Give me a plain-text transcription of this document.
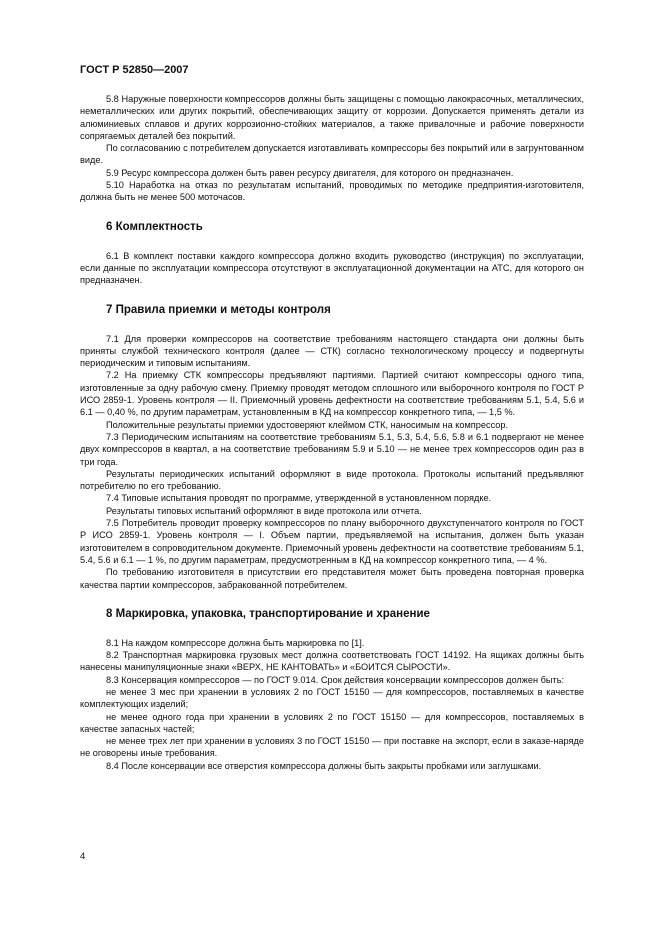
ГОСТ Р 52850—2007

5.8 Наружные поверхности компрессоров должны быть защищены с помощью лакокрасочных, металлических, неметаллических или других покрытий, обеспечивающих защиту от коррозии. Допускается применять детали из алюминиевых сплавов и других коррозионно-стойких материалов, а также привалочные и рабочие поверхности сопрягаемых деталей без покрытий.

По согласованию с потребителем допускается изготавливать компрессоры без покрытий или в загрунтованном виде.

5.9 Ресурс компрессора должен быть равен ресурсу двигателя, для которого он предназначен.

5.10 Наработка на отказ по результатам испытаний, проводимых по методике предприятия-изготовителя, должна быть не менее 500 моточасов.

6 Комплектность

6.1 В комплект поставки каждого компрессора должно входить руководство (инструкция) по эксплуатации, если данные по эксплуатации компрессора отсутствуют в эксплуатационной документации на АТС, для которого он предназначен.

7 Правила приемки и методы контроля

7.1 Для проверки компрессоров на соответствие требованиям настоящего стандарта они должны быть приняты службой технического контроля (далее — СТК) согласно технологическому процессу и подвергнуты периодическим и типовым испытаниям.

7.2 На приемку СТК компрессоры предъявляют партиями. Партией считают компрессоры одного типа, изготовленные за одну рабочую смену. Приемку проводят методом сплошного или выборочного контроля по ГОСТ Р ИСО 2859-1. Уровень контроля — II. Приемочный уровень дефектности на соответствие требованиям 5.1, 5.4, 5.6 и 6.1 — 0,40 %, по другим параметрам, установленным в КД на компрессор конкретного типа, — 1,5 %.

Положительные результаты приемки удостоверяют клеймом СТК, наносимым на компрессор.

7.3 Периодическим испытаниям на соответствие требованиям 5.1, 5.3, 5.4, 5.6, 5.8 и 6.1 подвергают не менее двух компрессоров в квартал, а на соответствие требованиям 5.9 и 5.10 — не менее трех компрессоров один раз в три года.

Результаты периодических испытаний оформляют в виде протокола. Протоколы испытаний предъявляют потребителю по его требованию.

7.4 Типовые испытания проводят по программе, утвержденной в установленном порядке.

Результаты типовых испытаний оформляют в виде протокола или отчета.

7.5 Потребитель проводит проверку компрессоров по плану выборочного двухступенчатого контроля по ГОСТ Р ИСО 2859-1. Уровень контроля — I. Объем партии, предъявляемой на испытания, должен быть указан изготовителем в сопроводительном документе. Приемочный уровень дефектности на соответствие требованиям 5.1, 5.4, 5.6 и 6.1 — 1 %, по другим параметрам, предусмотренным в КД на компрессор конкретного типа, — 4 %.

По требованию изготовителя в присутствии его представителя может быть проведена повторная проверка качества партии компрессоров, забракованной потребителем.

8 Маркировка, упаковка, транспортирование и хранение

8.1 На каждом компрессоре должна быть маркировка по [1].

8.2 Транспортная маркировка грузовых мест должна соответствовать ГОСТ 14192. На ящиках должны быть нанесены манипуляционные знаки «ВЕРХ, НЕ КАНТОВАТЬ» и «БОИТСЯ СЫРОСТИ».

8.3 Консервация компрессоров — по ГОСТ 9.014. Срок действия консервации компрессоров должен быть:

не менее 3 мес при хранении в условиях 2 по ГОСТ 15150 — для компрессоров, поставляемых в качестве комплектующих изделий;

не менее одного года при хранении в условиях 2 по ГОСТ 15150 — для компрессоров, поставляемых в качестве запасных частей;

не менее трех лет при хранении в условиях 3 по ГОСТ 15150 — при поставке на экспорт, если в заказе-наряде не оговорены иные требования.

8.4 После консервации все отверстия компрессора должны быть закрыты пробками или заглушками.

4
